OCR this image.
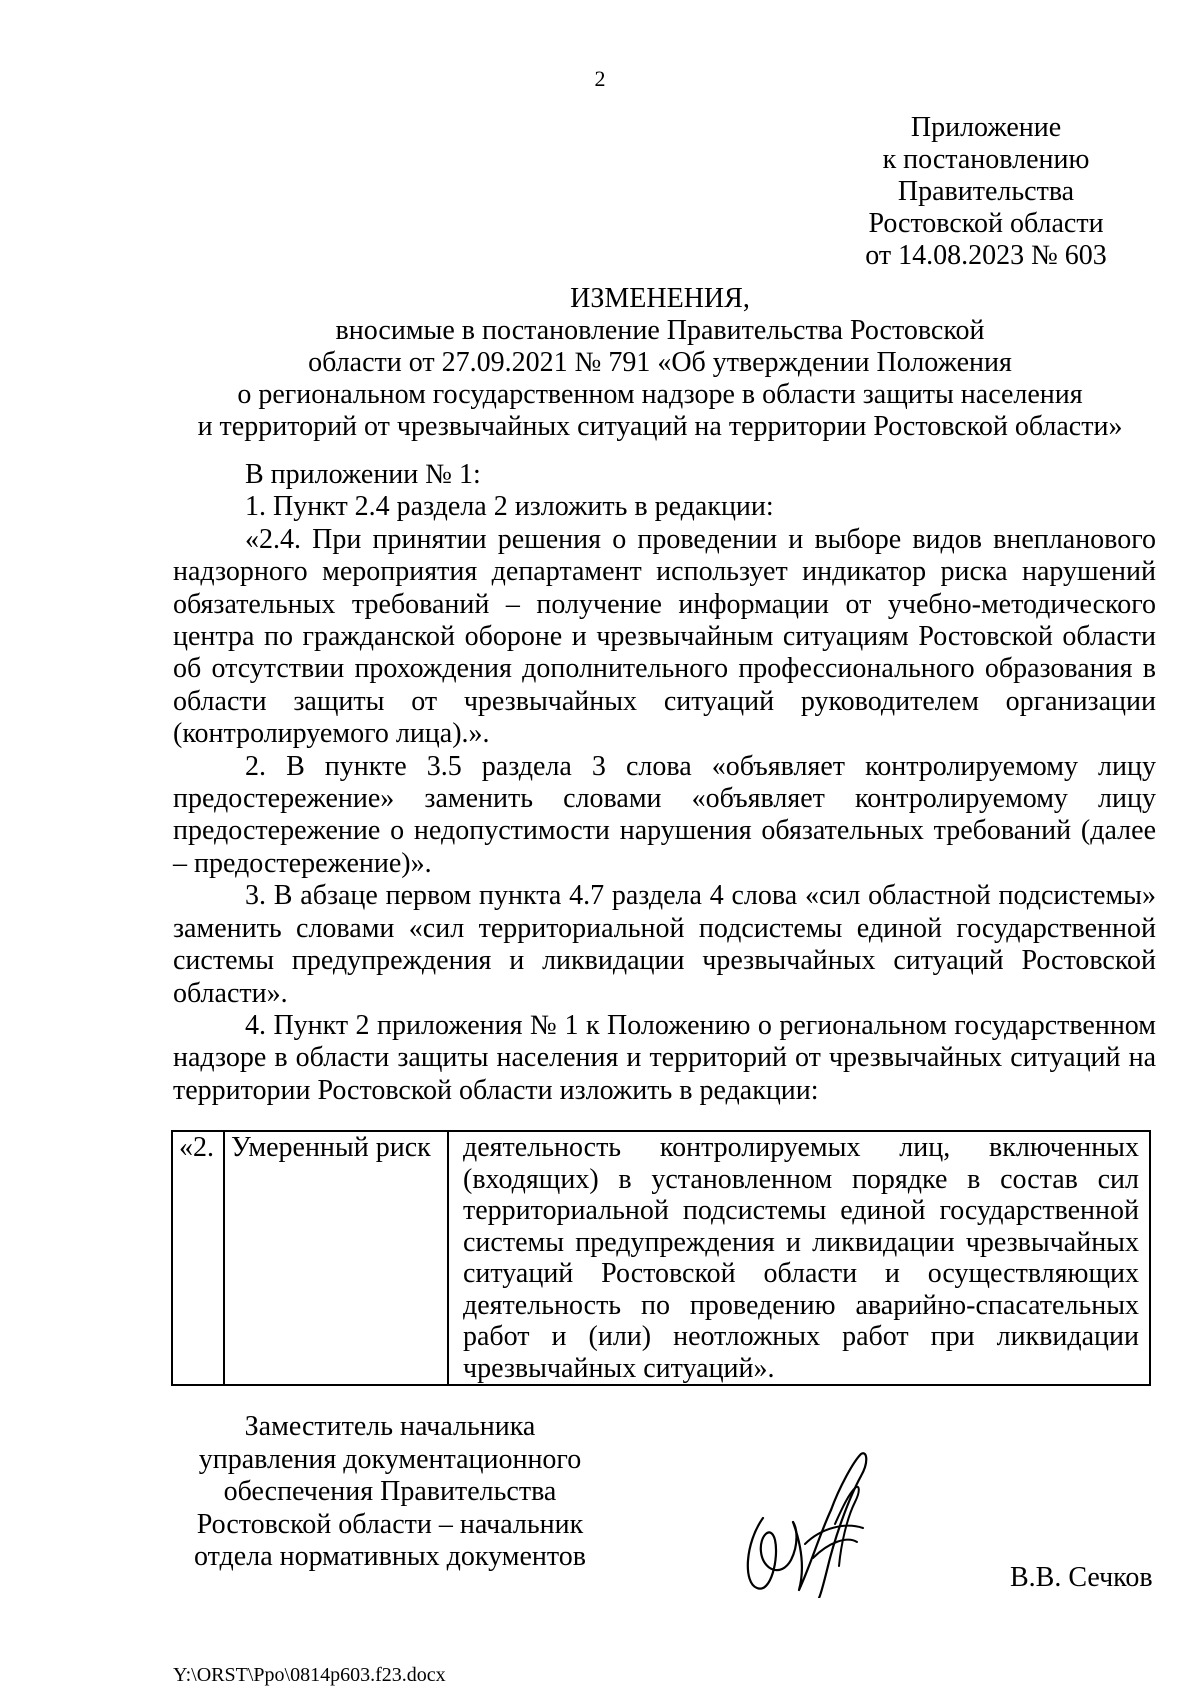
2
Приложение
к постановлению
Правительства
Ростовской области
от 14.08.2023 № 603
ИЗМЕНЕНИЯ,
вносимые в постановление Правительства Ростовской
области от 27.09.2021 № 791 «Об утверждении Положения
о региональном государственном надзоре в области защиты населения
и территорий от чрезвычайных ситуаций на территории Ростовской области»

В приложении № 1:

1. Пункт 2.4 раздела 2 изложить в редакции:

«2.4. При принятии решения о проведении и выборе видов внепланового надзорного мероприятия департамент использует индикатор риска нарушений обязательных требований – получение информации от учебно-методического центра по гражданской обороне и чрезвычайным ситуациям Ростовской области об отсутствии прохождения дополнительного профессионального образования в области защиты от чрезвычайных ситуаций руководителем организации (контролируемого лица).».

2. В пункте 3.5 раздела 3 слова «объявляет контролируемому лицу предостережение» заменить словами «объявляет контролируемому лицу предостережение о недопустимости нарушения обязательных требований (далее – предостережение)».

3. В абзаце первом пункта 4.7 раздела 4 слова «сил областной подсистемы» заменить словами «сил территориальной подсистемы единой государственной системы предупреждения и ликвидации чрезвычайных ситуаций Ростовской области».

4. Пункт 2 приложения № 1 к Положению о региональном государственном надзоре в области защиты населения и территорий от чрезвычайных ситуаций на территории Ростовской области изложить в редакции:

«2.	Умеренный риск	деятельность контролируемых лиц, включенных (входящих) в установленном порядке в состав сил территориальной подсистемы единой государственной системы предупреждения и ликвидации чрезвычайных ситуаций Ростовской области и осуществляющих деятельность по проведению аварийно-спасательных работ и (или) неотложных работ при ликвидации чрезвычайных ситуаций».
Заместитель начальника
управления документационного
обеспечения Правительства
Ростовской области – начальник
отдела нормативных документов
В.В. Сечков
Y:\ORST\Ppo\0814p603.f23.docx
